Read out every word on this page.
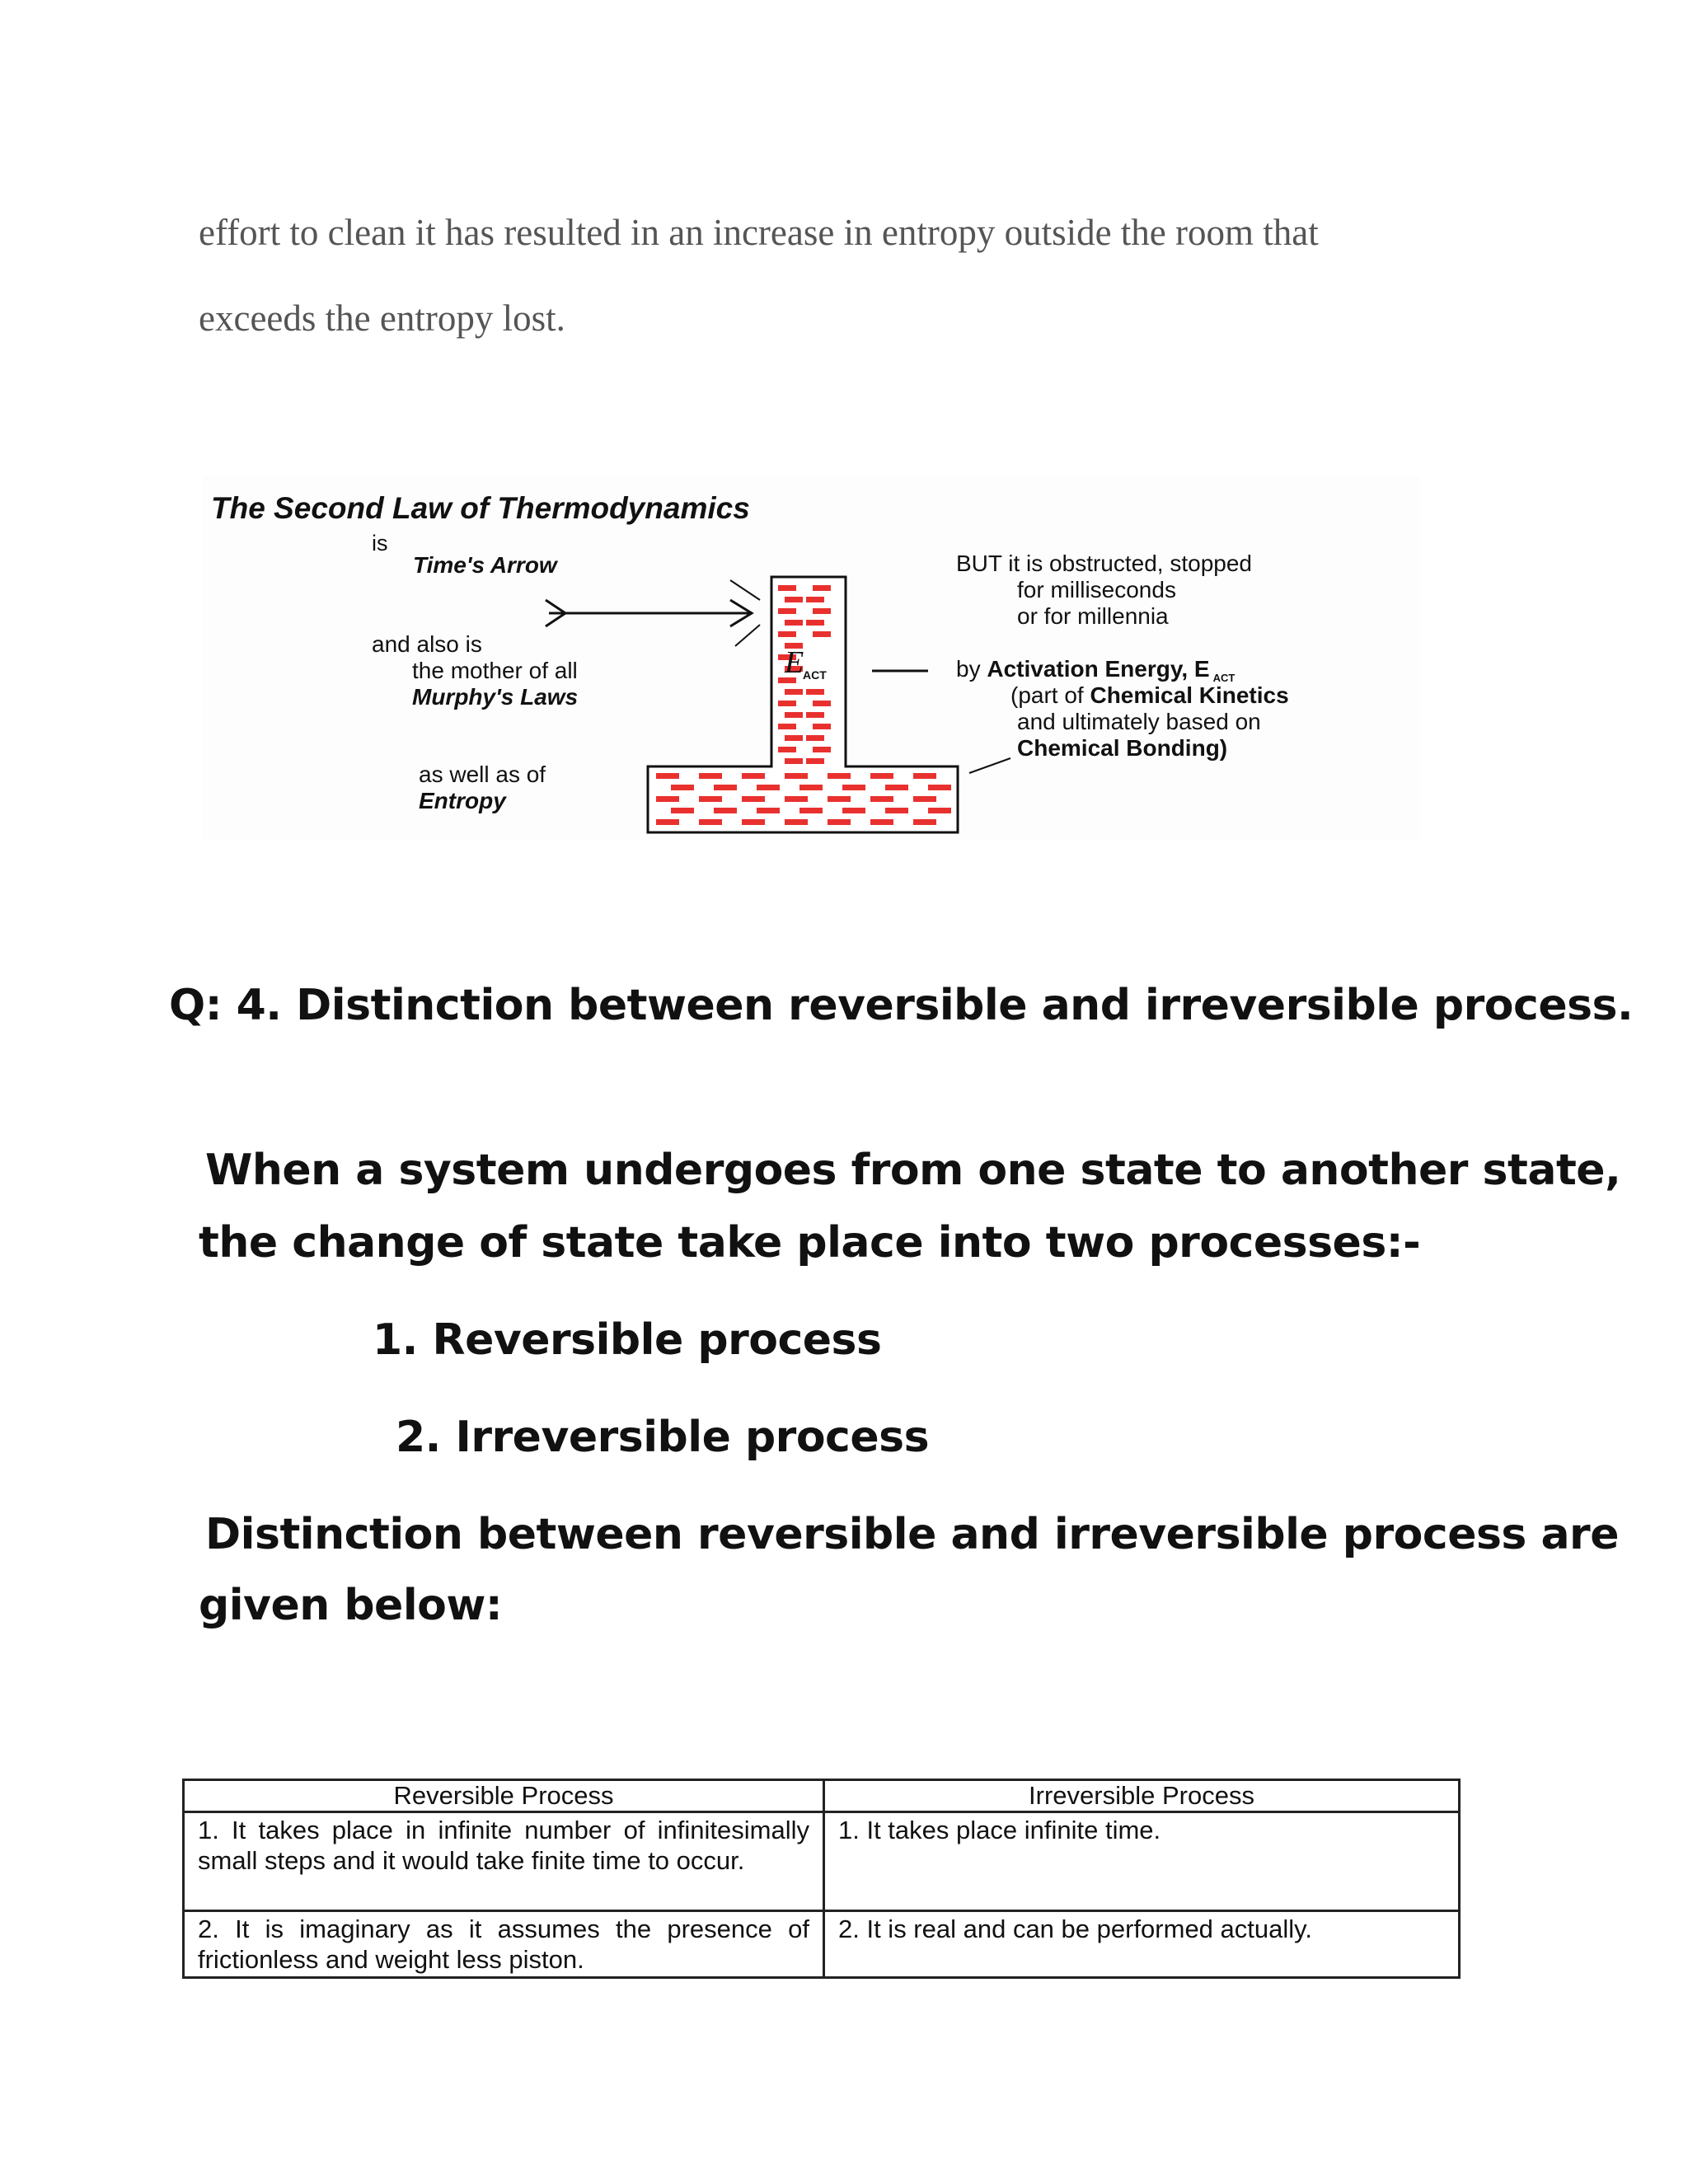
effort to clean it has resulted in an increase in entropy outside the room that

exceeds the entropy lost.

E
ACT
The Second Law of Thermodynamics
is
Time's Arrow
and also is
the mother of all
Murphy's Laws
as well as of
Entropy
BUT it is obstructed, stopped
for milliseconds
or for millennia
by Activation Energy, E $_{ACT}$
(part of Chemical Kinetics
and ultimately based on
Chemical Bonding)
Q: 4. Distinction between reversible and irreversible process.

When a system undergoes from one state to another state,

the change of state take place into two processes:-

1. Reversible process

2. Irreversible process

Distinction between reversible and irreversible process are

given below:

Reversible Process	Irreversible Process
1. It takes place in infinite number of infinitesimally small steps and it would take finite time to occur.	1. It takes place infinite time.
2. It is imaginary as it assumes the presence of frictionless and weight less piston.	2. It is real and can be performed actually.
